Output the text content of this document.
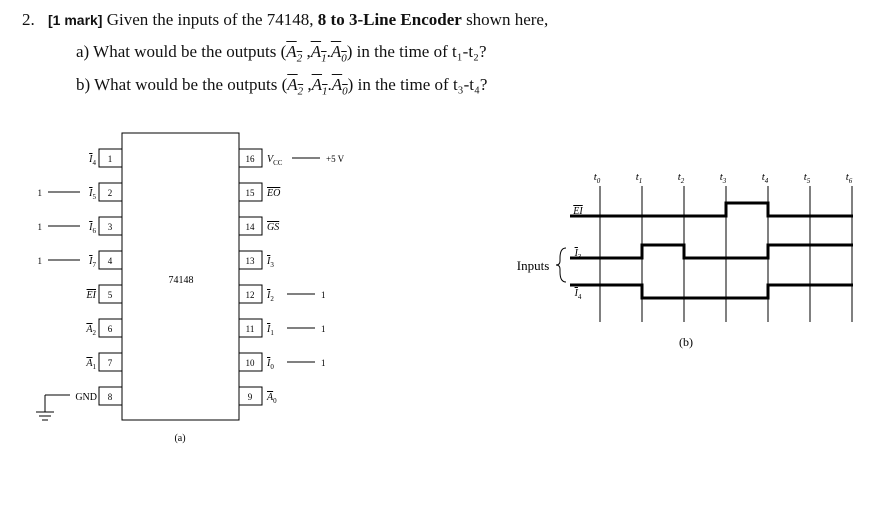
2. [1 mark] Given the inputs of the 74148, 8 to 3-Line Encoder shown here,
a) What would be the outputs ($A_2$ $,A_1.A_0$) in the time of t₁-t₂?
b) What would be the outputs ($A_2$ $,A_1.A_0$) in the time of t₃-t₄?
74148
(a)
1
$I_4$
2
$I_5$
1
3
$I_6$
1
4
$I_7$
1
5
EI
6
$A_2$
7
$A_1$
8
GND
16 $V_{CC}$	+5 V
15 EO
14 GS
13 $I_3$
12 $I_2$	1
11 $I_1$	1
10 $I_0$	1
9 $A_0$
Inputs
(b)
$t_0$	$t_1$	$t_2$	$t_3$	$t_4$	$t_5$	$t_6$
EI
$I_3$
$I_4$
